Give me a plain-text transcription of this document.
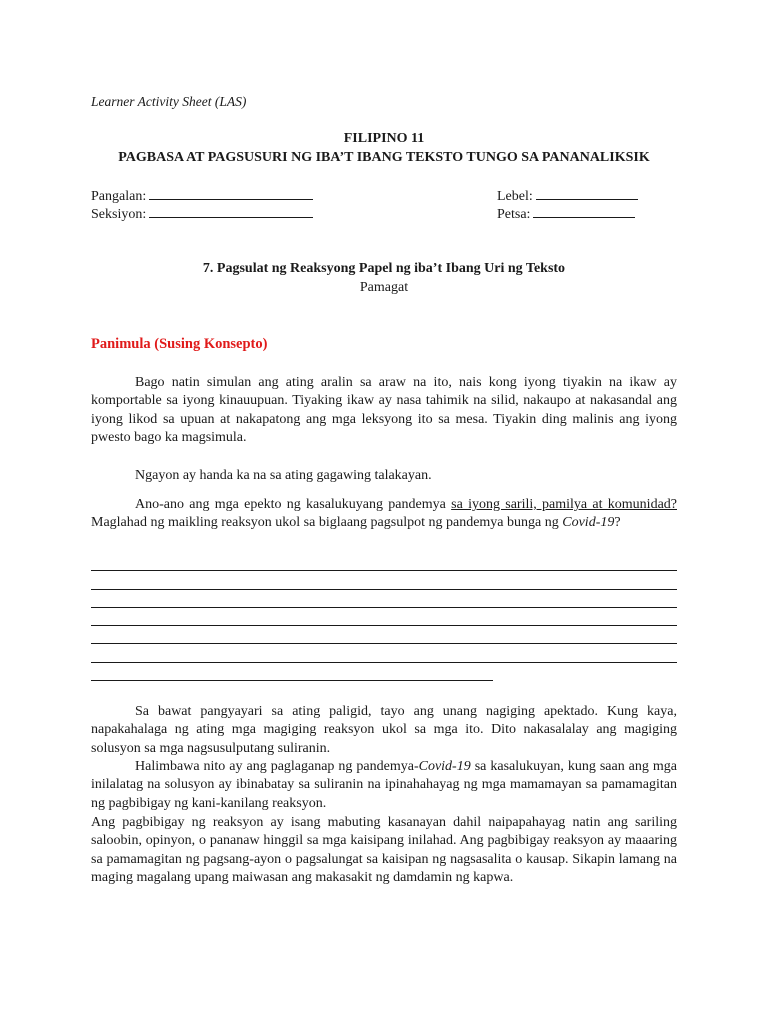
Learner Activity Sheet (LAS)
FILIPINO 11
PAGBASA AT PAGSUSURI NG IBA’T IBANG TEKSTO TUNGO SA PANANALIKSIK
Pangalan:
Seksiyon:
Lebel:
Petsa:
7. Pagsulat ng Reaksyong Papel ng iba’t Ibang Uri ng Teksto
Pamagat
Panimula (Susing Konsepto)

Bago natin simulan ang ating aralin sa araw na ito, nais kong iyong tiyakin na ikaw ay komportable sa iyong kinauupuan. Tiyaking ikaw ay nasa tahimik na silid, nakaupo at nakasandal ang iyong likod sa upuan at nakapatong ang mga leksyong ito sa mesa. Tiyakin ding malinis ang iyong pwesto bago ka magsimula.

Ngayon ay handa ka na sa ating gagawing talakayan.

Ano-ano ang mga epekto ng kasalukuyang pandemya sa iyong sarili, pamilya at komunidad? Maglahad ng maikling reaksyon ukol sa biglaang pagsulpot ng pandemya bunga ng Covid-19?

Sa bawat pangyayari sa ating paligid, tayo ang unang nagiging apektado. Kung kaya, napakahalaga ng ating mga magiging reaksyon ukol sa mga ito. Dito nakasalalay ang magiging solusyon sa mga nagsusulputang suliranin.

Halimbawa nito ay ang paglaganap ng pandemya-Covid-19 sa kasalukuyan, kung saan ang mga inilalatag na solusyon ay ibinabatay sa suliranin na ipinahahayag ng mga mamamayan sa pamamagitan ng pagbibigay ng kani-kanilang reaksyon.

Ang pagbibigay ng reaksyon ay isang mabuting kasanayan dahil naipapahayag natin ang sariling saloobin, opinyon, o pananaw hinggil sa mga kaisipang inilahad. Ang pagbibigay reaksyon ay maaaring sa pamamagitan ng pagsang-ayon o pagsalungat sa kaisipan ng nagsasalita o kausap. Sikapin lamang na maging magalang upang maiwasan ang makasakit ng damdamin ng kapwa.
